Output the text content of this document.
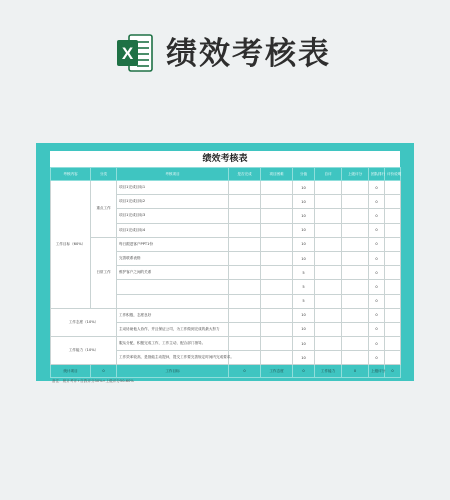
X 绩效考核表
绩效考核表
考核内容	分类	考核项目	是否完成	项目困难	分值	自评	上级评分	团队排行	评价说明
工作目标（60%）	重点工作	项目1完成目标1			10			0	
		项目1完成目标2			10			0	
		项目1完成目标3			10			0	
		项目1完成目标4			10			0	
	日常工作	每日跟进客户PPT1份			10			0	
		完善联系表格			10			0	
		维护客户之间的关系			5			0	
					5			0	
					5			0	
工作态度（10%）		工作积极，态度良好			10			0	
		主动协助他人协作，并且保证公司，为工作做到完成的最大努力			10			0	
工作能力（10%）		服从分配，积极完成工作，工作主动，配合部门指导。			10			0	
		工作效率较高，是指能主动提问，提交工作要完善规定时间内完成要求。			10			0	
统计项目	0	工作目标	0	工作态度	0	工作能力	0	上级评分	0
备注：统计考评+自我评分30%+上级评分50-60%
